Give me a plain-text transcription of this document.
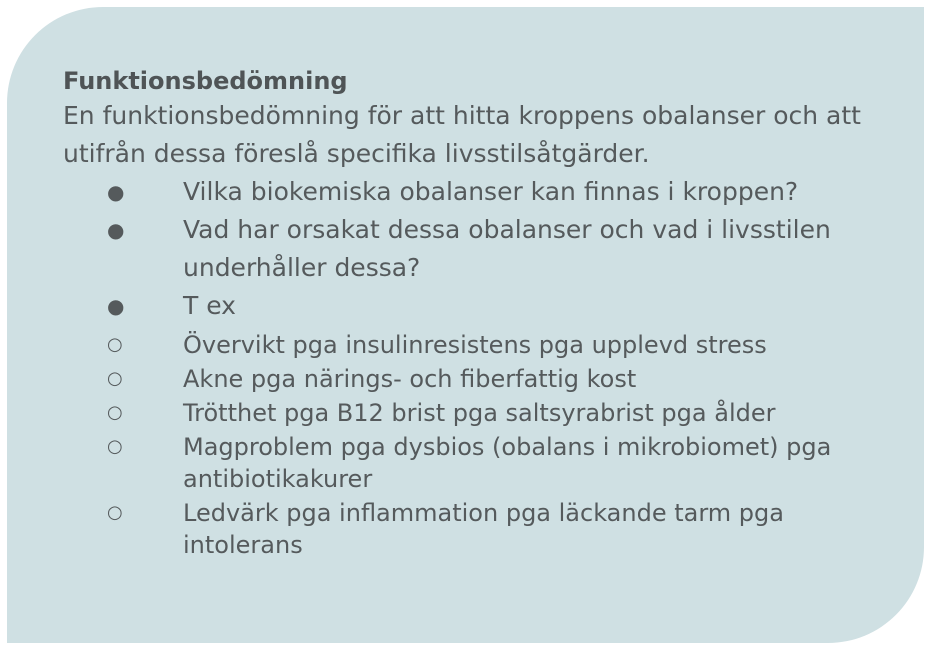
Funktionsbedömning

En funktionsbedömning för att hitta kroppens obalanser och att utifrån dessa föreslå specifika livsstilsåtgärder.

● Vilka biokemiska obalanser kan finnas i kroppen?
● Vad har orsakat dessa obalanser och vad i livsstilen underhåller dessa?
● T ex
○	Övervikt pga insulinresistens pga upplevd stress
○	Akne pga närings- och fiberfattig kost
○	Trötthet pga B12 brist pga saltsyrabrist pga ålder
○	Magproblem pga dysbios (obalans i mikrobiomet) pga antibiotikakurer
○	Ledvärk pga inflammation pga läckande tarm pga intolerans
